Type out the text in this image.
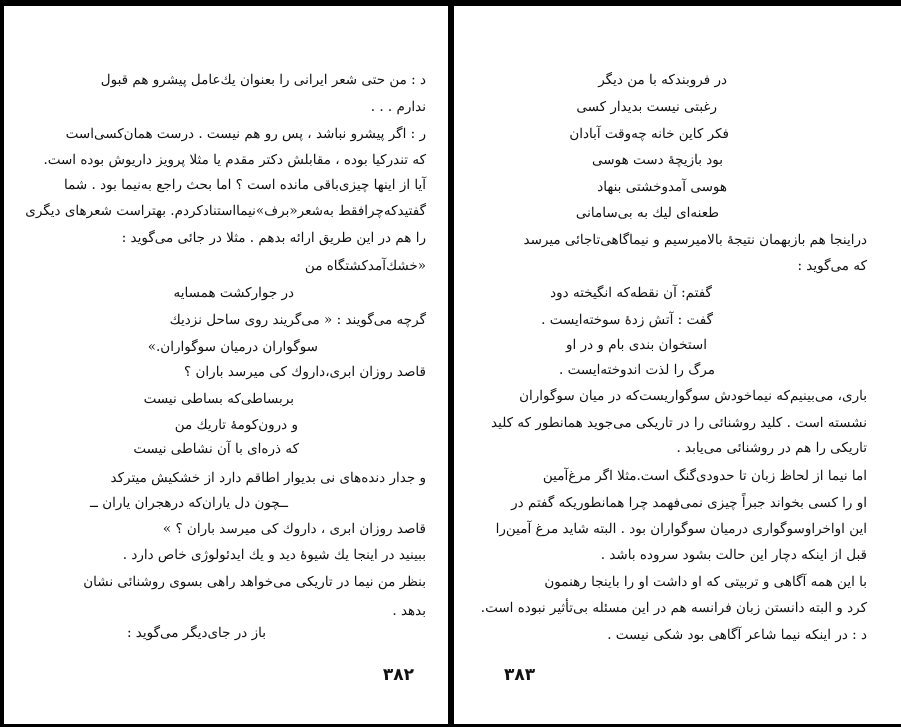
د : من حتی شعر ایرانی را بعنوان یك‌عامل پیشرو هم قبول
ندارم . . .
ر : اگر پیشرو نباشد ، پس رو هم نیست . درست همان‌کسی‌است
که تندرکیا بوده ، مقابلش دکتر مقدم یا مثلا پرویز داریوش بوده است.
آیا از اینها چیزی‌باقی مانده است ؟ اما بحث راجع به‌نیما بود . شما
گفتیدکه‌چرافقط به‌شعر«برف»نیمااستنادکردم. بهتراست شعرهای دیگری
را هم در این طریق ارائه بدهم . مثلا در جائی می‌گوید :
«خشك‌آمدكشتگاه من
در جوارکشت همسایه
گرچه می‌گویند : « می‌گریند روی ساحل نزدیك
سوگواران درمیان سوگواران.»
قاصد روزان ابری،داروك كی میرسد باران ؟
بربساطی‌كه بساطی نیست
و درون‌كومهٔ تاریك من
كه ذره‌ای با آن نشاطی نیست
و جدار دنده‌های نی بدیوار اطاقم دارد از خشكیش میتركد
ــچون دل یاران‌كه درهجران یاران ــ
قاصد روزان ابری ، داروك كی میرسد باران ؟ »
ببینید در اینجا یك شیوهٔ دید و یك ایدئولوژی خاص دارد .
بنظر من نیما در تاریكی می‌خواهد راهی بسوی روشنائی نشان
بدهد .
باز در جای‌دیگر می‌گوید :
۳۸۲
در فروبندكه با من دیگر
رغبتی نیست بدیدار كسی
فكر كاین خانه چه‌وقت آبادان
بود بازیچهٔ دست هوسی
هوسی آمدوخشتی بنهاد
طعنه‌ای لیك به بی‌سامانی
دراینجا هم بازبهمان نتیجهٔ بالامیرسیم و نیماگاهی‌تاجائی میرسد
كه می‌گوید :
گفتم: آن نقطه‌كه انگیخته دود
گفت : آتش زدهٔ سوخته‌ایست .
استخوان بندی بام و در او
مرگ را لذت اندوخته‌ایست .
باری، می‌بینیم‌كه نیماخودش سوگواریست‌كه در میان سوگواران
نشسته است . كلید روشنائی را در تاریكی می‌جوید همانطور كه كلید
تاریكی را هم در روشنائی می‌یابد .
اما نیما از لحاظ زبان تا حدودی‌گنگ است.مثلا اگر مرغ‌آمین
او را كسی بخواند جبراً چیزی نمی‌فهمد چرا همانطوریكه گفتم در
این اواخراوسوگواری درمیان سوگواران بود . البته شاید مرغ آمین‌را
قبل از اینكه دچار این حالت بشود سروده باشد .
با این همه آگاهی و تربیتی كه او داشت او را باینجا رهنمون
كرد و البته دانستن زبان فرانسه هم در این مسئله بی‌تأثیر نبوده است.
د : در اینكه نیما شاعر آگاهی بود شكی نیست .
۳۸۳
